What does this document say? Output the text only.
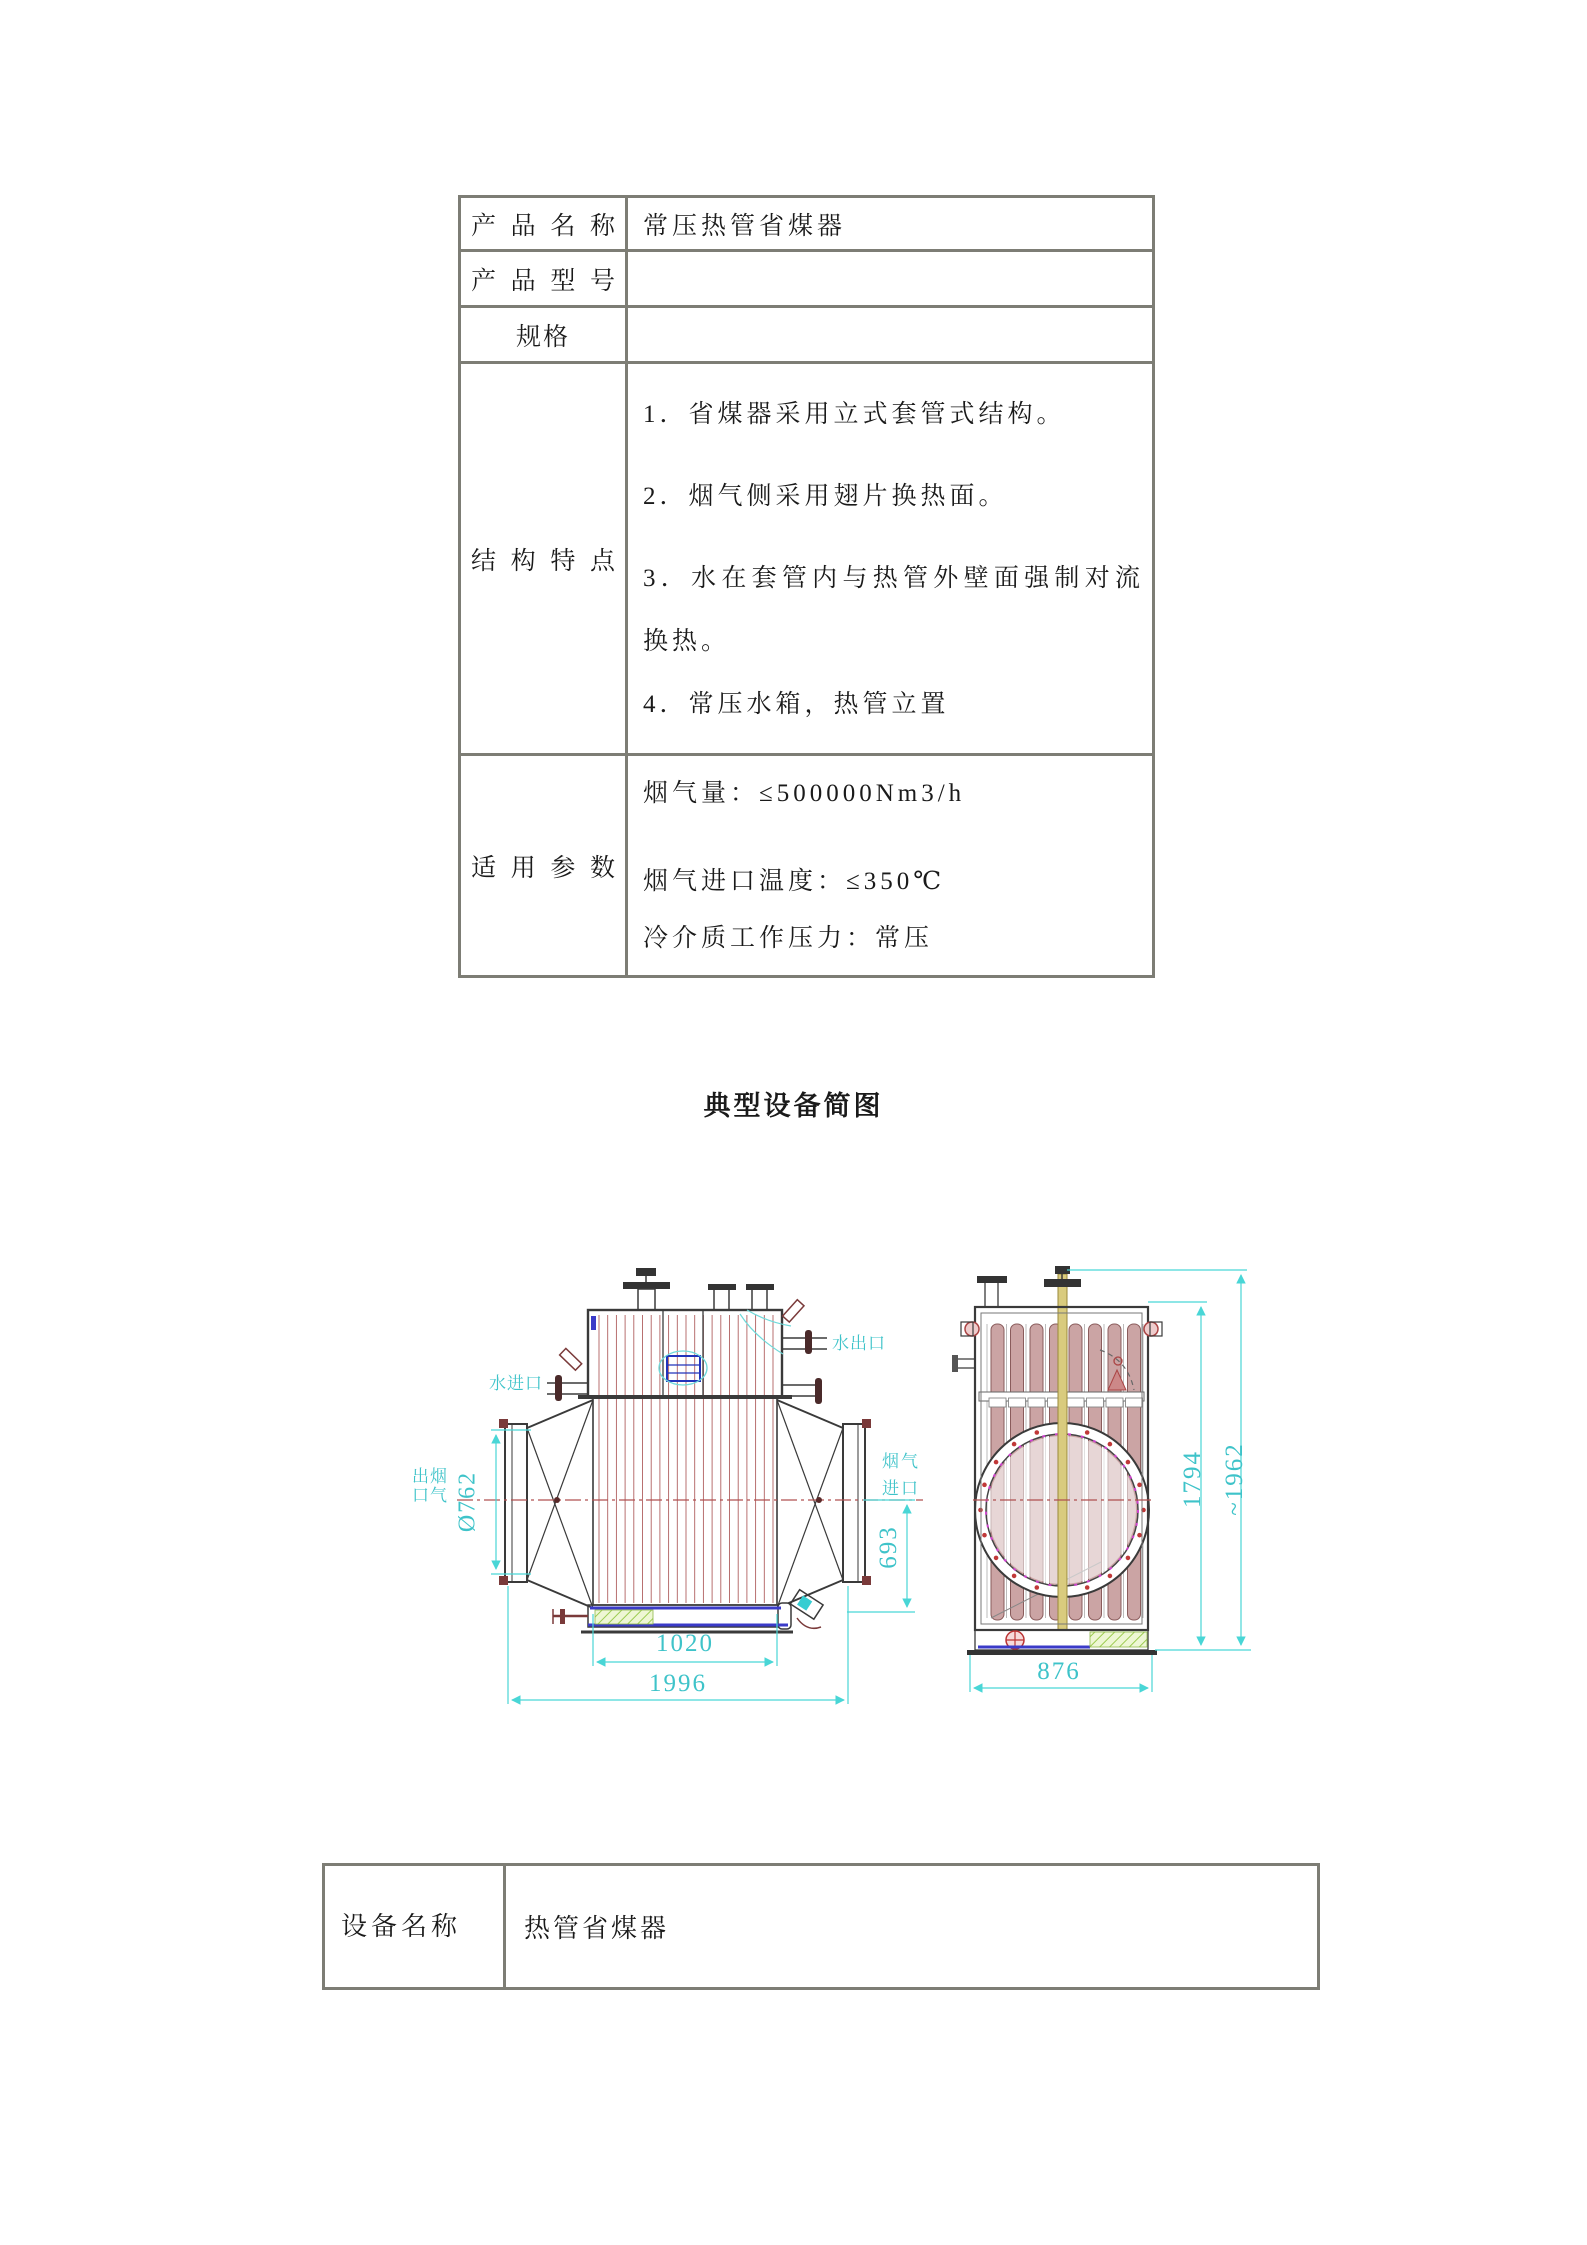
产品名称	常压热管省煤器
产品型号	
规格	
结构特点	1．省煤器采用立式套管式结构。

2．烟气侧采用翅片换热面。

3．水在套管内与热管外壁面强制对流换热。

4．常压水箱，热管立置

适用参数	烟气量：≤500000Nm3/h

烟气进口温度：≤350℃

冷介质工作压力：常压

典型设备简图
水出口
水进口
烟气出口
烟气进口
Ø762
693
1020
1996	876
1794 ~1962
设备名称	热管省煤器
